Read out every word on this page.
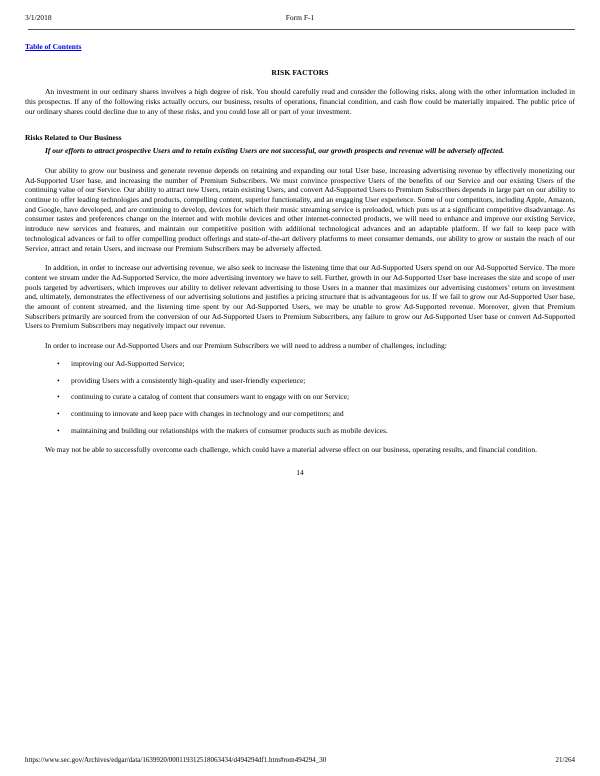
3/1/2018	Form F-1
Table of Contents
RISK FACTORS

An investment in our ordinary shares involves a high degree of risk. You should carefully read and consider the following risks, along with the other information included in this prospectus. If any of the following risks actually occurs, our business, results of operations, financial condition, and cash flow could be materially impaired. The public price of our ordinary shares could decline due to any of these risks, and you could lose all or part of your investment.

Risks Related to Our Business
If our efforts to attract prospective Users and to retain existing Users are not successful, our growth prospects and revenue will be adversely affected.

Our ability to grow our business and generate revenue depends on retaining and expanding our total User base, increasing advertising revenue by effectively monetizing our Ad-Supported User base, and increasing the number of Premium Subscribers. We must convince prospective Users of the benefits of our Service and our existing Users of the continuing value of our Service. Our ability to attract new Users, retain existing Users, and convert Ad-Supported Users to Premium Subscribers depends in large part on our ability to continue to offer leading technologies and products, compelling content, superior functionality, and an engaging User experience. Some of our competitors, including Apple, Amazon, and Google, have developed, and are continuing to develop, devices for which their music streaming service is preloaded, which puts us at a significant competitive disadvantage. As consumer tastes and preferences change on the internet and with mobile devices and other internet-connected products, we will need to enhance and improve our existing Service, introduce new services and features, and maintain our competitive position with additional technological advances and an adaptable platform. If we fail to keep pace with technological advances or fail to offer compelling product offerings and state-of-the-art delivery platforms to meet consumer demands, our ability to grow or sustain the reach of our Service, attract and retain Users, and increase our Premium Subscribers may be adversely affected.

In addition, in order to increase our advertising revenue, we also seek to increase the listening time that our Ad-Supported Users spend on our Ad-Supported Service. The more content we stream under the Ad-Supported Service, the more advertising inventory we have to sell. Further, growth in our Ad-Supported User base increases the size and scope of user pools targeted by advertisers, which improves our ability to deliver relevant advertising to those Users in a manner that maximizes our advertising customers’ return on investment and, ultimately, demonstrates the effectiveness of our advertising solutions and justifies a pricing structure that is advantageous for us. If we fail to grow our Ad-Supported User base, the amount of content streamed, and the listening time spent by our Ad-Supported Users, we may be unable to grow Ad-Supported revenue. Moreover, given that Premium Subscribers primarily are sourced from the conversion of our Ad-Supported Users to Premium Subscribers, any failure to grow our Ad-Supported User base or convert Ad-Supported Users to Premium Subscribers may negatively impact our revenue.

In order to increase our Ad-Supported Users and our Premium Subscribers we will need to address a number of challenges, including:

•	improving our Ad-Supported Service;
•	providing Users with a consistently high-quality and user-friendly experience;
•	continuing to curate a catalog of content that consumers want to engage with on our Service;
•	continuing to innovate and keep pace with changes in technology and our competitors; and
•	maintaining and building our relationships with the makers of consumer products such as mobile devices.

We may not be able to successfully overcome each challenge, which could have a material adverse effect on our business, operating results, and financial condition.

14
https://www.sec.gov/Archives/edgar/data/1639920/000119312518063434/d494294df1.htm#rom494294_30	21/264
